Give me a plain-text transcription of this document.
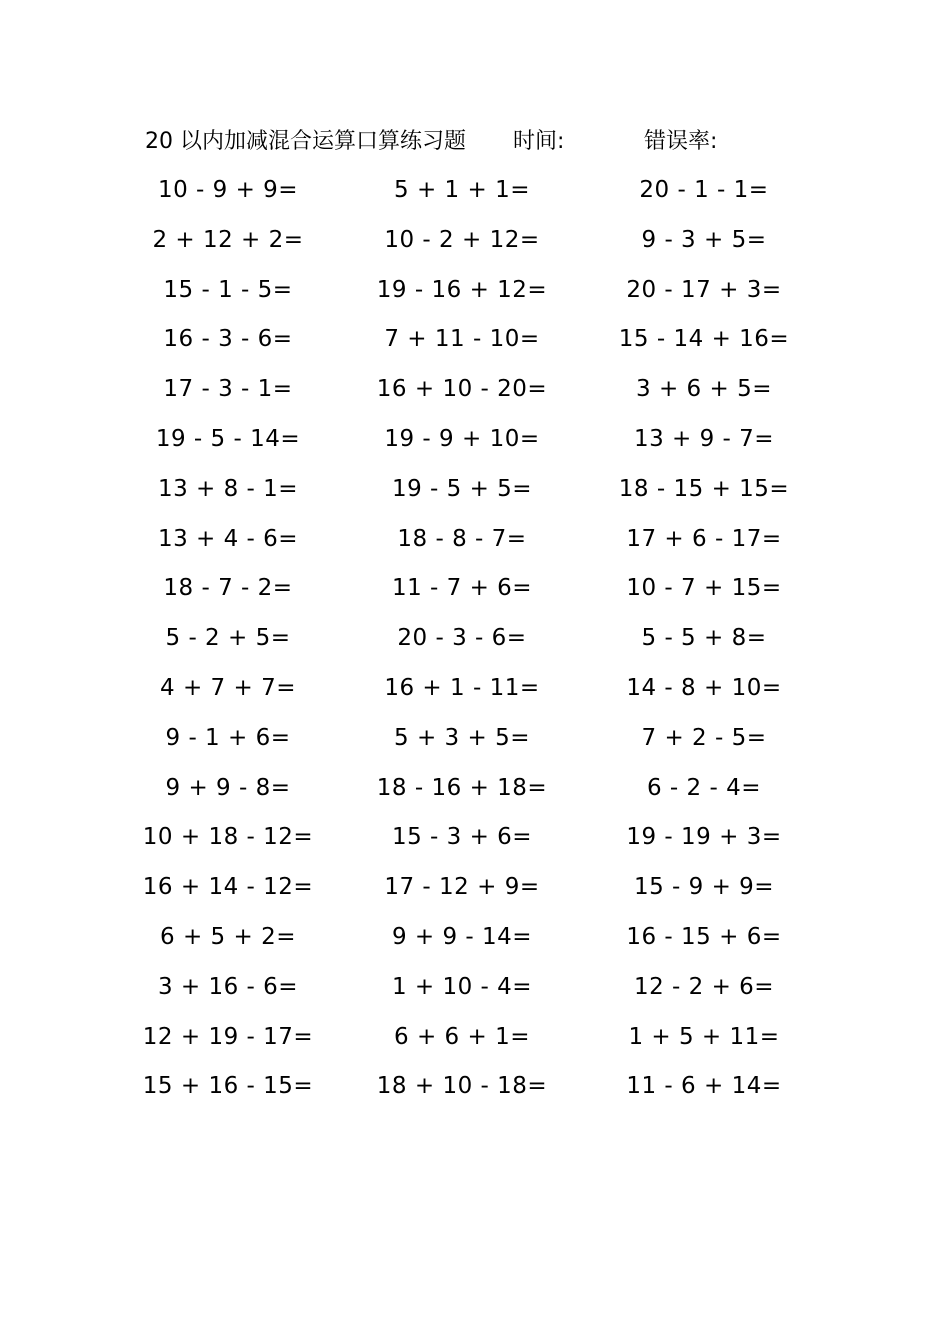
20 以内加减混合运算口算练习题 时间:	错误率:
10 - 9 + 9=	5 + 1 + 1=	20 - 1 - 1=
2 + 12 + 2=	10 - 2 + 12=	9 - 3 + 5=
15 - 1 - 5=	19 - 16 + 12=	20 - 17 + 3=
16 - 3 - 6=	7 + 11 - 10=	15 - 14 + 16=
17 - 3 - 1=	16 + 10 - 20=	3 + 6 + 5=
19 - 5 - 14=	19 - 9 + 10=	13 + 9 - 7=
13 + 8 - 1=	19 - 5 + 5=	18 - 15 + 15=
13 + 4 - 6=	18 - 8 - 7=	17 + 6 - 17=
18 - 7 - 2=	11 - 7 + 6=	10 - 7 + 15=
5 - 2 + 5=	20 - 3 - 6=	5 - 5 + 8=
4 + 7 + 7=	16 + 1 - 11=	14 - 8 + 10=
9 - 1 + 6=	5 + 3 + 5=	7 + 2 - 5=
9 + 9 - 8=	18 - 16 + 18=	6 - 2 - 4=
10 + 18 - 12=	15 - 3 + 6=	19 - 19 + 3=
16 + 14 - 12=	17 - 12 + 9=	15 - 9 + 9=
6 + 5 + 2=	9 + 9 - 14=	16 - 15 + 6=
3 + 16 - 6=	1 + 10 - 4=	12 - 2 + 6=
12 + 19 - 17=	6 + 6 + 1=	1 + 5 + 11=
15 + 16 - 15=	18 + 10 - 18=	11 - 6 + 14=
